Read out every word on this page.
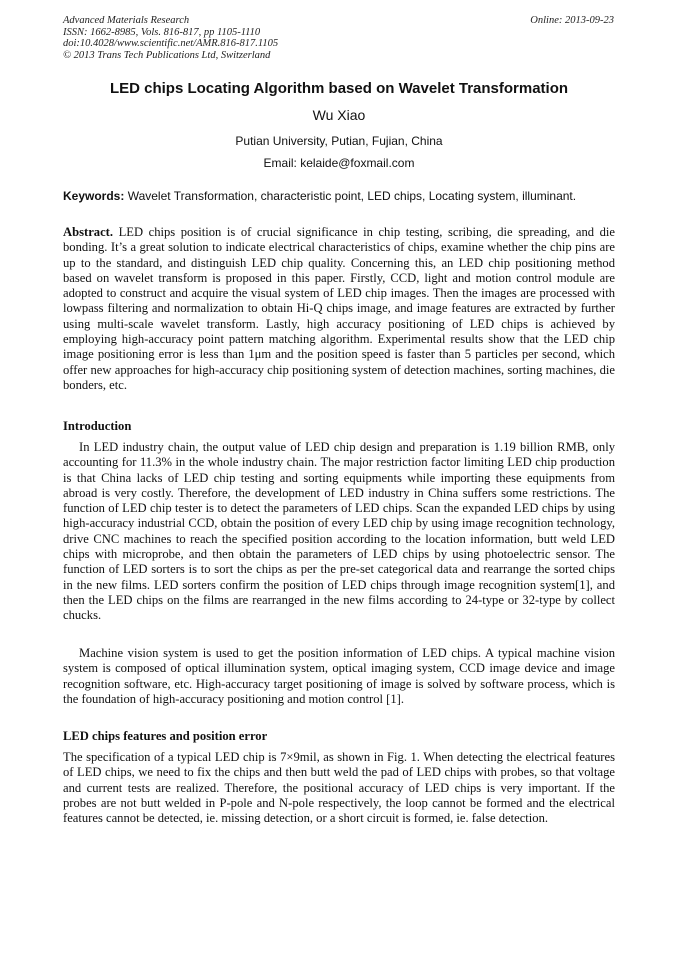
Advanced Materials Research
ISSN: 1662-8985, Vols. 816-817, pp 1105-1110
doi:10.4028/www.scientific.net/AMR.816-817.1105
© 2013 Trans Tech Publications Ltd, Switzerland
Online: 2013-09-23
LED chips Locating Algorithm based on Wavelet Transformation
Wu Xiao
Putian University, Putian, Fujian, China
Email: kelaide@foxmail.com
Keywords: Wavelet Transformation, characteristic point, LED chips, Locating system, illuminant.
Abstract. LED chips position is of crucial significance in chip testing, scribing, die spreading, and die bonding. It’s a great solution to indicate electrical characteristics of chips, examine whether the chip pins are up to the standard, and distinguish LED chip quality. Concerning this, an LED chip positioning method based on wavelet transform is proposed in this paper. Firstly, CCD, light and motion control module are adopted to construct and acquire the visual system of LED chip images. Then the images are processed with lowpass filtering and normalization to obtain Hi-Q chips image, and image features are extracted by further using multi-scale wavelet transform. Lastly, high accuracy positioning of LED chips is achieved by employing high-accuracy point pattern matching algorithm. Experimental results show that the LED chip image positioning error is less than 1μm and the position speed is faster than 5 particles per second, which offer new approaches for high-accuracy chip positioning system of detection machines, sorting machines, die bonders, etc.
Introduction
In LED industry chain, the output value of LED chip design and preparation is 1.19 billion RMB, only accounting for 11.3% in the whole industry chain. The major restriction factor limiting LED chip production is that China lacks of LED chip testing and sorting equipments while importing these equipments from abroad is very costly. Therefore, the development of LED industry in China suffers some restrictions. The function of LED chip tester is to detect the parameters of LED chips. Scan the expanded LED chips by using high-accuracy industrial CCD, obtain the position of every LED chip by using image recognition technology, drive CNC machines to reach the specified position according to the location information, butt weld LED chips with microprobe, and then obtain the parameters of LED chips by using photoelectric sensor. The function of LED sorters is to sort the chips as per the pre-set categorical data and rearrange the sorted chips in the new films. LED sorters confirm the position of LED chips through image recognition system[1], and then the LED chips on the films are rearranged in the new films according to 24-type or 32-type by collect chucks.
Machine vision system is used to get the position information of LED chips. A typical machine vision system is composed of optical illumination system, optical imaging system, CCD image device and image recognition software, etc. High-accuracy target positioning of image is solved by software process, which is the foundation of high-accuracy positioning and motion control [1].
LED chips features and position error
The specification of a typical LED chip is 7×9mil, as shown in Fig. 1. When detecting the electrical features of LED chips, we need to fix the chips and then butt weld the pad of LED chips with probes, so that voltage and current tests are realized. Therefore, the positional accuracy of LED chips is very important. If the probes are not butt welded in P-pole and N-pole respectively, the loop cannot be formed and the electrical features cannot be detected, ie. missing detection, or a short circuit is formed, ie. false detection.
